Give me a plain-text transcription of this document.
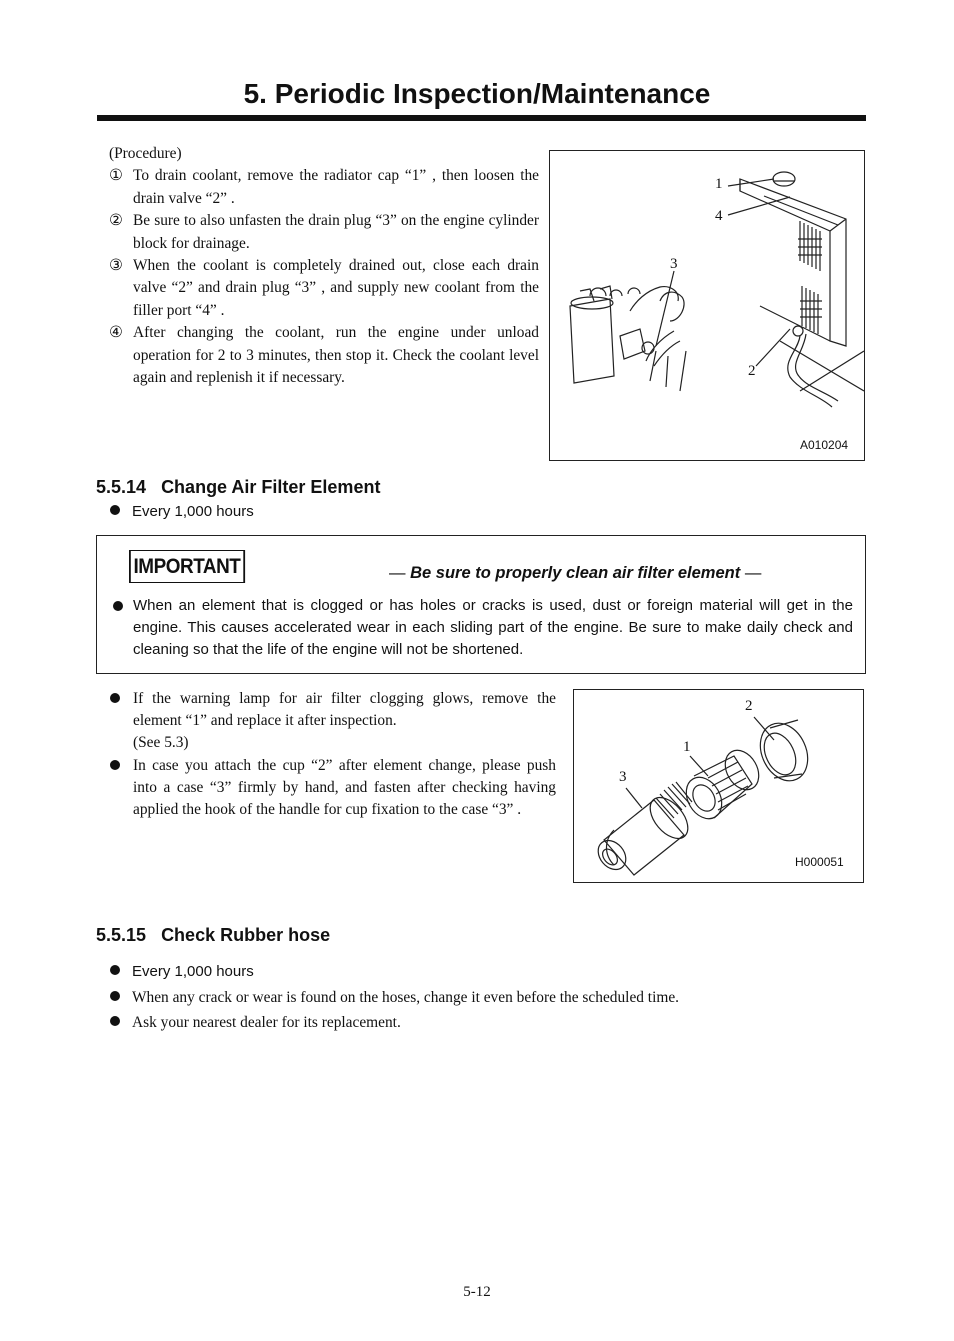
5. Periodic Inspection/Maintenance

(Procedure)

① To drain coolant, remove the radiator cap “1” , then loosen the drain valve “2” .

② Be sure to also unfasten the drain plug “3” on the engine cylinder block for drainage.

③ When the coolant is completely drained out, close each drain valve “2” and drain plug “3” , and supply new coolant from the filler port “4” .

④ After changing the coolant, run the engine under unload operation for 2 to 3 minutes, then stop it. Check the coolant level again and replenish it if necessary.

1
4
3
2
A010204
5.5.14 Change Air Filter Element
Every 1,000 hours
IMPORTANT	— Be sure to properly clean air filter element —
When an element that is clogged or has holes or cracks is used, dust or foreign material will get in the engine. This causes accelerated wear in each sliding part of the engine. Be sure to make daily check and cleaning so that the life of the engine will not be shortened.

If the warning lamp for air filter clogging glows, remove the element “1” and replace it after inspection.
(See 5.3)

In case you attach the cup “2” after element change, please push into a case “3” firmly by hand, and fasten after checking having applied the hook of the handle for cup fixation to the case “3” .

2
1
3
H000051
5.5.15 Check Rubber hose
Every 1,000 hours
When any crack or wear is found on the hoses, change it even before the scheduled time.
Ask your nearest dealer for its replacement.
5-12
